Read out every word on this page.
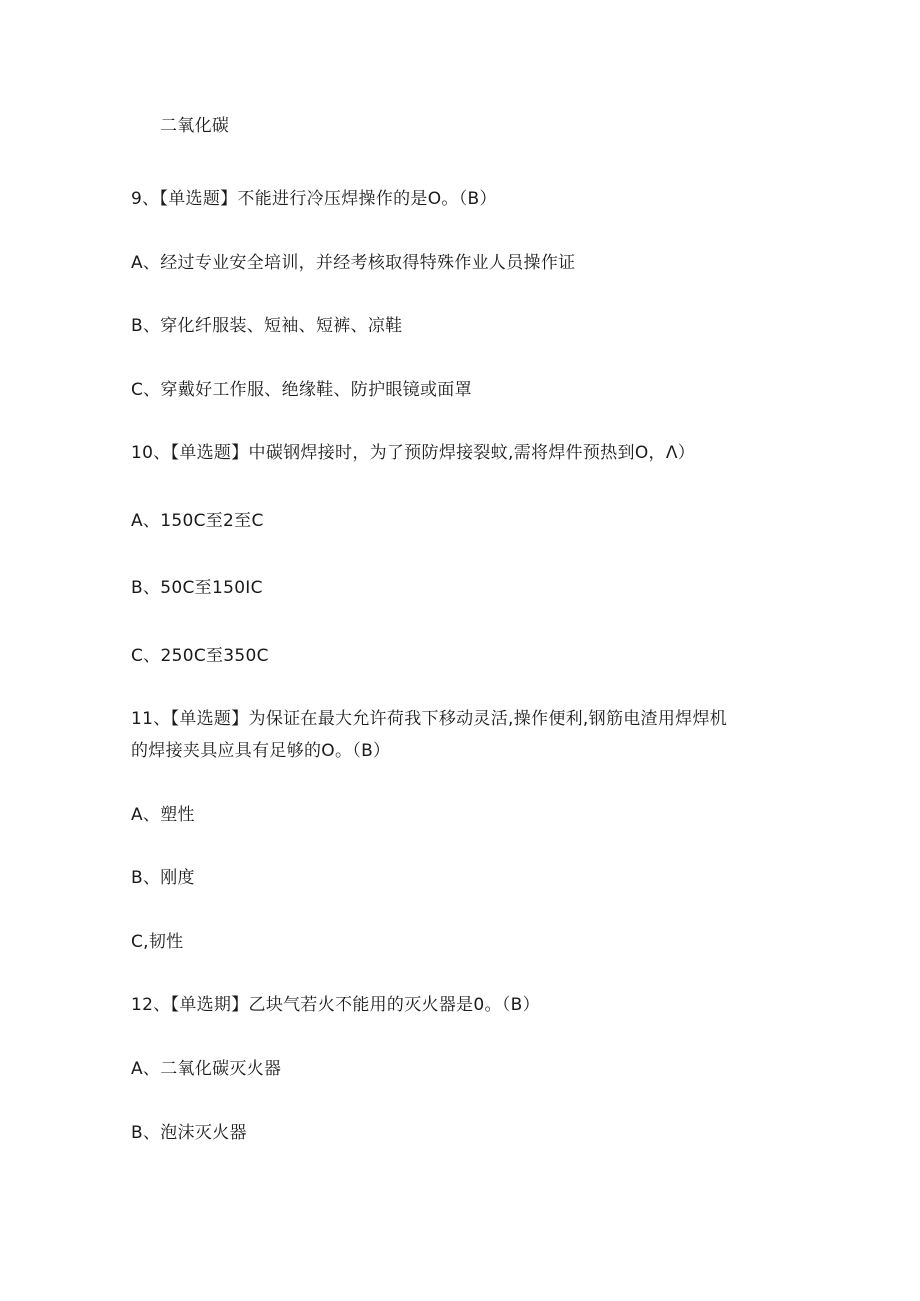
二氧化碳
9、【单选题】不能进行冷压焊操作的是O。（B）
A、经过专业安全培训，并经考核取得特殊作业人员操作证
B、穿化纤服装、短袖、短裤、凉鞋
C、穿戴好工作服、绝缘鞋、防护眼镜或面罩
10、【单选题】中碳钢焊接时，为了预防焊接裂蚊,需将焊件预热到O，Λ）
A、150C至2至C
B、50C至150IC
C、250C至350C
11、【单选题】为保证在最大允许荷我下移动灵活,操作便利,钢筋电渣用焊焊机
的焊接夹具应具有足够的O。（B）
A、塑性
B、刚度
C,韧性
12、【单选期】乙块气若火不能用的灭火器是0。（B）
A、二氧化碳灭火器
B、泡沫灭火器
